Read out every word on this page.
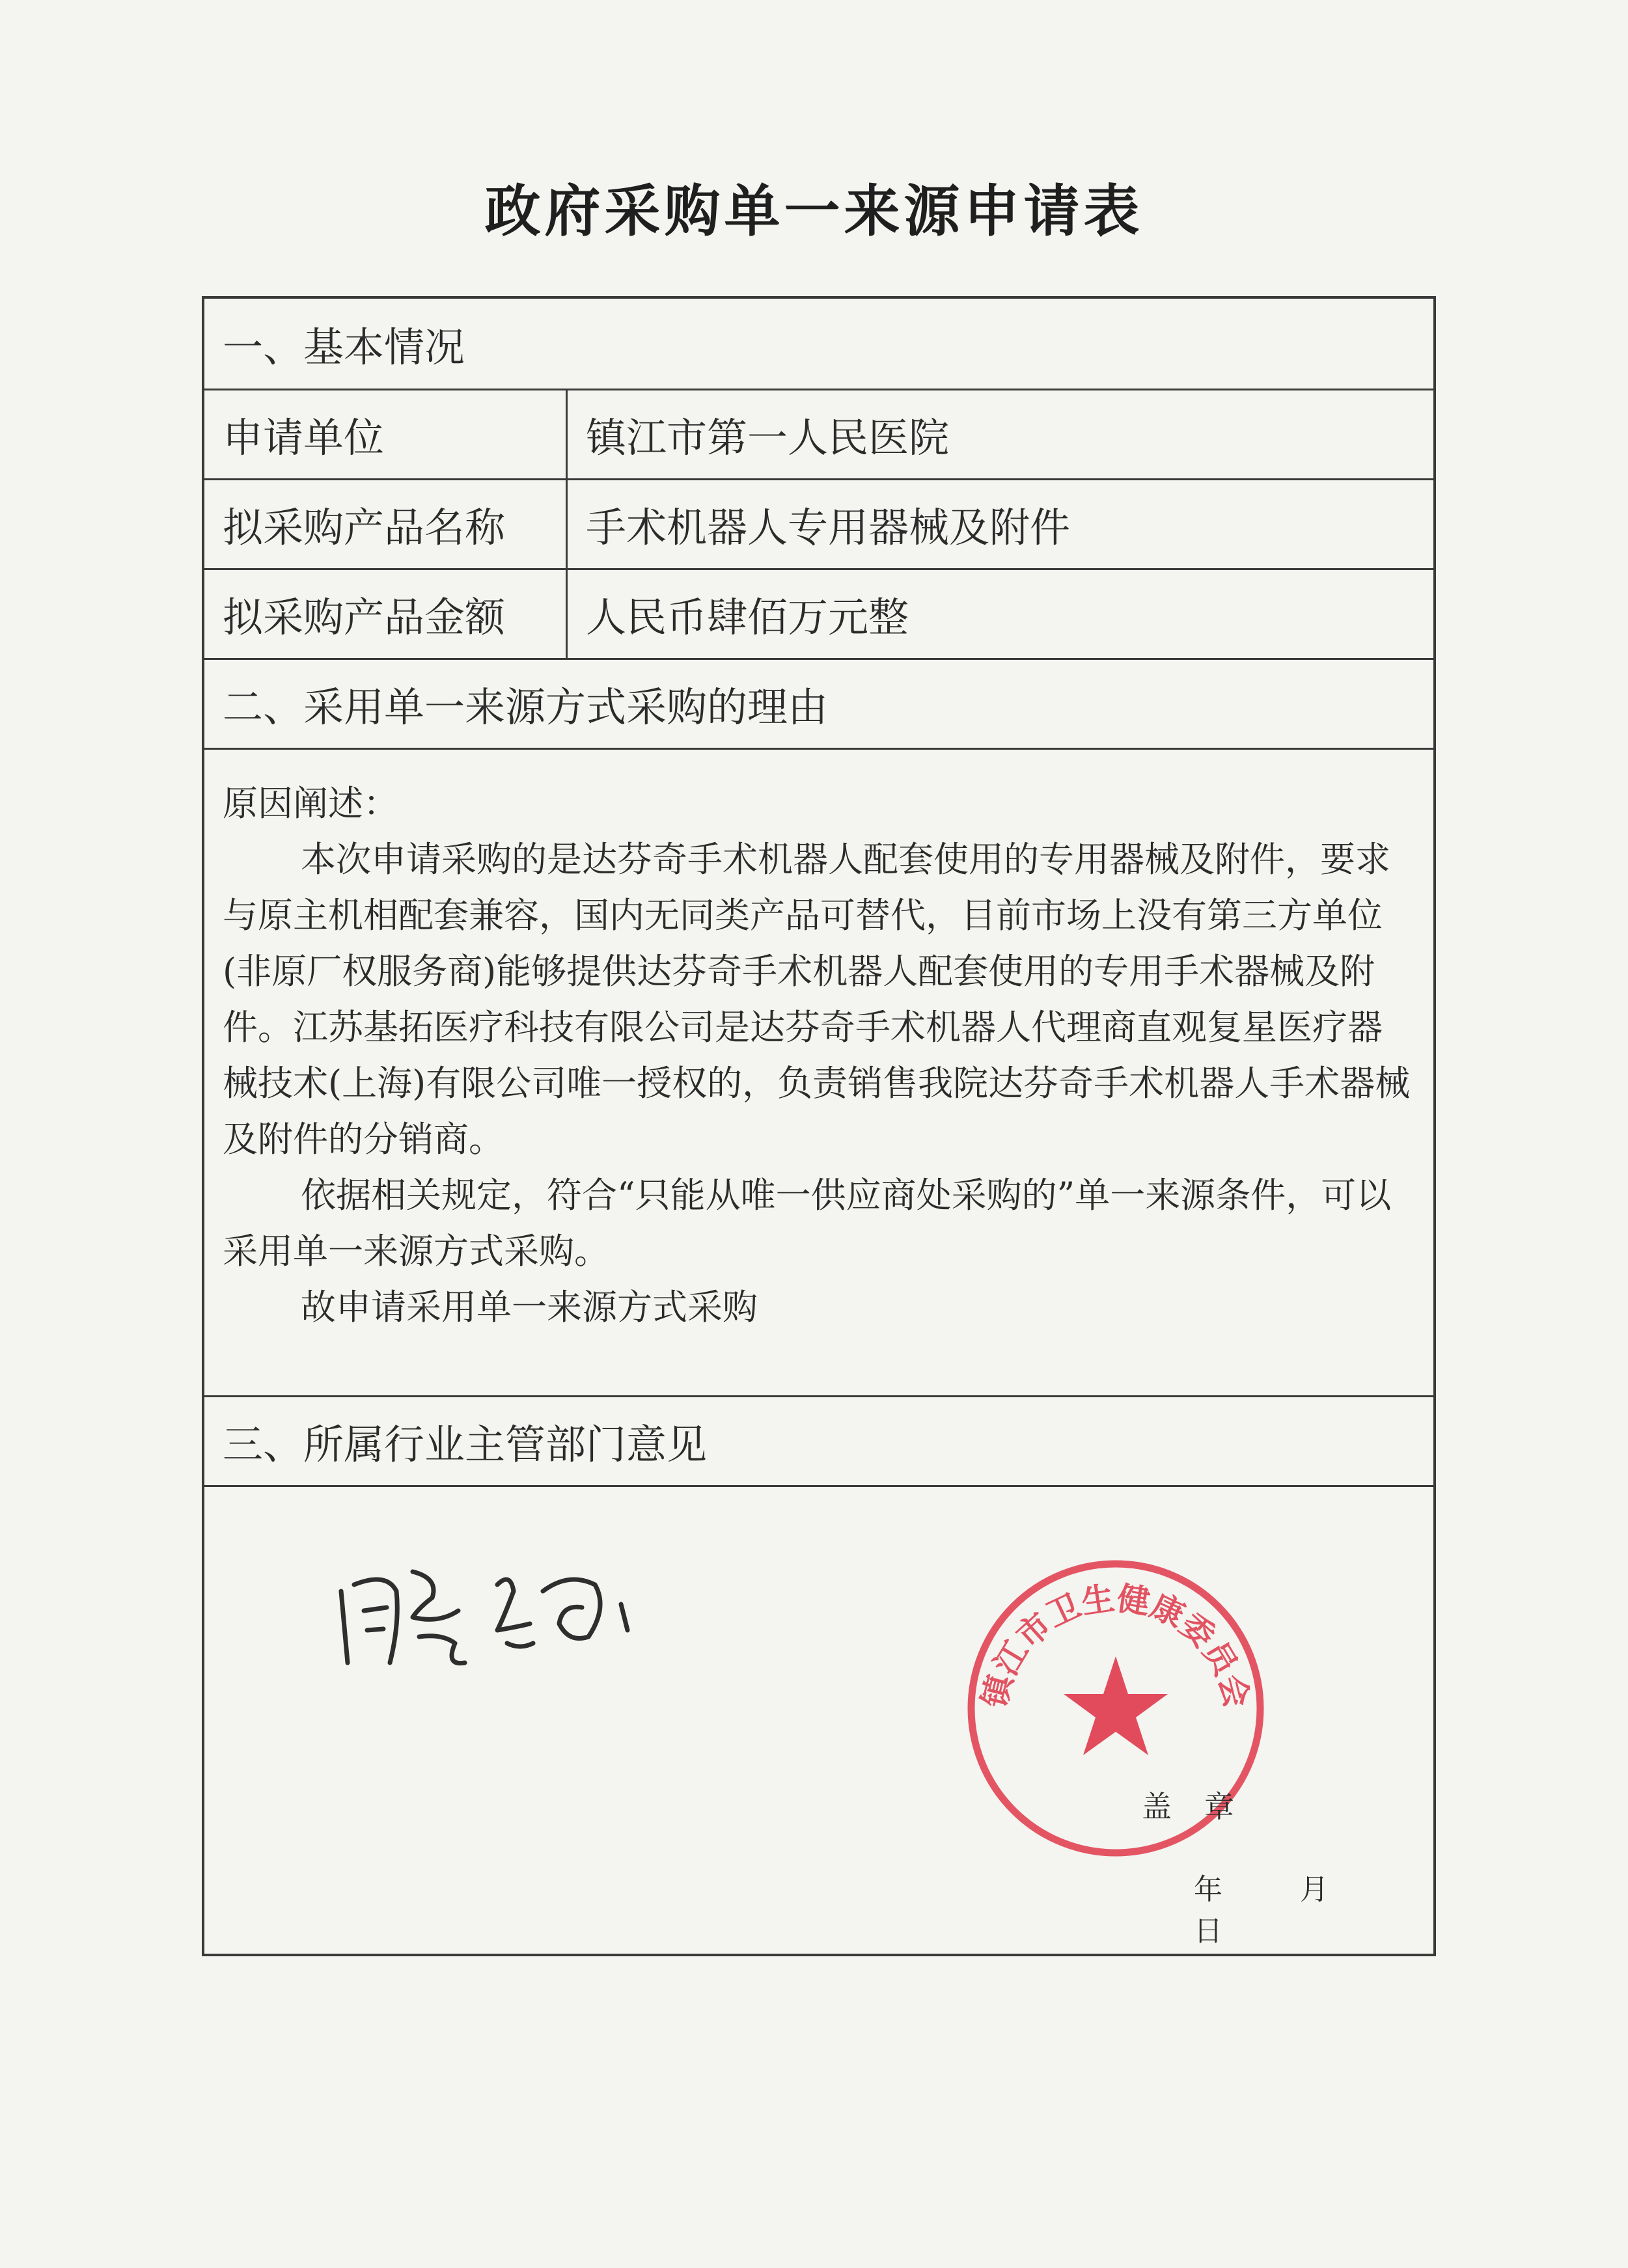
政府采购单一来源申请表
一、基本情况
申请单位	镇江市第一人民医院
拟采购产品名称	手术机器人专用器械及附件
拟采购产品金额	人民币肆佰万元整
二、采用单一来源方式采购的理由

原因阐述：

本次申请采购的是达芬奇手术机器人配套使用的专用器械及附件，要求与原主机相配套兼容，国内无同类产品可替代，目前市场上没有第三方单位(非原厂权服务商)能够提供达芬奇手术机器人配套使用的专用手术器械及附件。江苏基拓医疗科技有限公司是达芬奇手术机器人代理商直观复星医疗器械技术(上海)有限公司唯一授权的，负责销售我院达芬奇手术机器人手术器械及附件的分销商。

依据相关规定，符合“只能从唯一供应商处采购的”单一来源条件，可以采用单一来源方式采购。

故申请采用单一来源方式采购

三、所属行业主管部门意见
镇江市卫生健康委员会
盖章
年	月 日
